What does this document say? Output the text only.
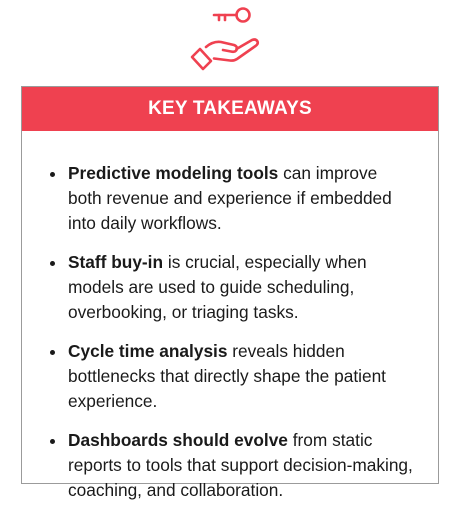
KEY TAKEAWAYS
Predictive modeling tools can improve both revenue and experience if embedded into daily workflows.
Staff buy-in is crucial, especially when models are used to guide scheduling, overbooking, or triaging tasks.
Cycle time analysis reveals hidden bottlenecks that directly shape the patient experience.
Dashboards should evolve from static reports to tools that support decision-making, coaching, and collaboration.
